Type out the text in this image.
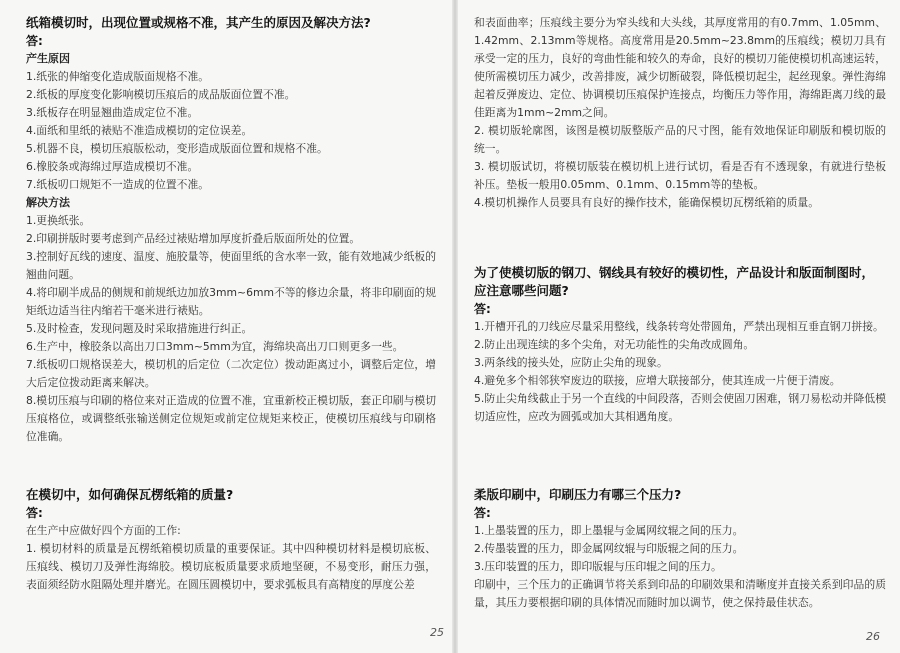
纸箱模切时，出现位置或规格不准，其产生的原因及解决方法?

答:

产生原因

1.纸张的伸缩变化造成版面规格不准。

2.纸板的厚度变化影响模切压痕后的成品版面位置不准。

3.纸板存在明显翘曲造成定位不准。

4.面纸和里纸的裱贴不准造成模切的定位误差。

5.机器不良，模切压痕版松动，变形造成版面位置和规格不准。

6.橡胶条或海绵过厚造成模切不准。

7.纸板叨口规矩不一造成的位置不准。

解决方法

1.更换纸张。

2.印刷拼版时要考虑到产品经过裱贴增加厚度折叠后版面所处的位置。

3.控制好瓦线的速度、温度、施胶量等，使面里纸的含水率一致，能有效地减少纸板的翘曲问题。

4.将印刷半成品的侧规和前规纸边加放3mm~6mm不等的修边余量，将非印刷面的规矩纸边适当往内缩若干毫米进行裱贴。

5.及时检查，发现问题及时采取措施进行纠正。

6.生产中，橡胶条以高出刀口3mm~5mm为宜，海绵块高出刀口则更多一些。

7.纸板叨口规格误差大，模切机的后定位（二次定位）拨动距离过小，调整后定位，增大后定位拨动距离来解决。

8.模切压痕与印刷的格位来对正造成的位置不准，宜重新校正模切版，套正印刷与模切压痕格位，或调整纸张输送侧定位规矩或前定位规矩来校正，使模切压痕线与印刷格位准确。

在模切中，如何确保瓦楞纸箱的质量?

答:

在生产中应做好四个方面的工作:

1. 模切材料的质量是瓦楞纸箱模切质量的重要保证。其中四种模切材料是模切底板、压痕线、模切刀及弹性海绵胶。模切底板质量要求质地坚硬，不易变形，耐压力强，表面须经防水阻隔处理并磨光。在圆压圆模切中，要求弧板具有高精度的厚度公差

和表面曲率；压痕线主要分为窄头线和大头线，其厚度常用的有0.7mm、1.05mm、1.42mm、2.13mm等规格。高度常用是20.5mm~23.8mm的压痕线；模切刀具有承受一定的压力，良好的弯曲性能和较久的寿命，良好的模切刀能使模切机高速运转，使所需模切压力减少，改善排废，减少切断破裂，降低模切起尘，起丝现象。弹性海绵起着反弹废边、定位、协调模切压痕保护连接点，均衡压力等作用，海绵距离刀线的最佳距离为1mm~2mm之间。

2. 模切版轮廓图，该图是模切版整版产品的尺寸图，能有效地保证印刷版和模切版的统一。

3. 模切版试切，将模切版装在模切机上进行试切，看是否有不透现象，有就进行垫板补压。垫板一般用0.05mm、0.1mm、0.15mm等的垫板。

4.模切机操作人员要具有良好的操作技术，能确保模切瓦楞纸箱的质量。

为了使模切版的钢刀、钢线具有较好的模切性，产品设计和版面制图时，应注意哪些问题?

答:

1.开槽开孔的刀线应尽量采用整线，线条转弯处带圆角，严禁出现相互垂直钢刀拼接。

2.防止出现连续的多个尖角，对无功能性的尖角改成圆角。

3.两条线的接头处，应防止尖角的现象。

4.避免多个相邻狭窄废边的联接，应增大联接部分，使其连成一片便于清废。

5.防止尖角线截止于另一个直线的中间段落，否则会使固刀困难，钢刀易松动并降低模切适应性，应改为圆弧或加大其相遇角度。

柔版印刷中，印刷压力有哪三个压力?

答:

1.上墨装置的压力，即上墨辊与金属网纹辊之间的压力。

2.传墨装置的压力，即金属网纹辊与印版辊之间的压力。

3.压印装置的压力，即印版辊与压印辊之间的压力。

印刷中，三个压力的正确调节将关系到印品的印刷效果和清晰度并直接关系到印品的质量，其压力要根据印刷的具体情况而随时加以调节，使之保持最佳状态。

25	26
